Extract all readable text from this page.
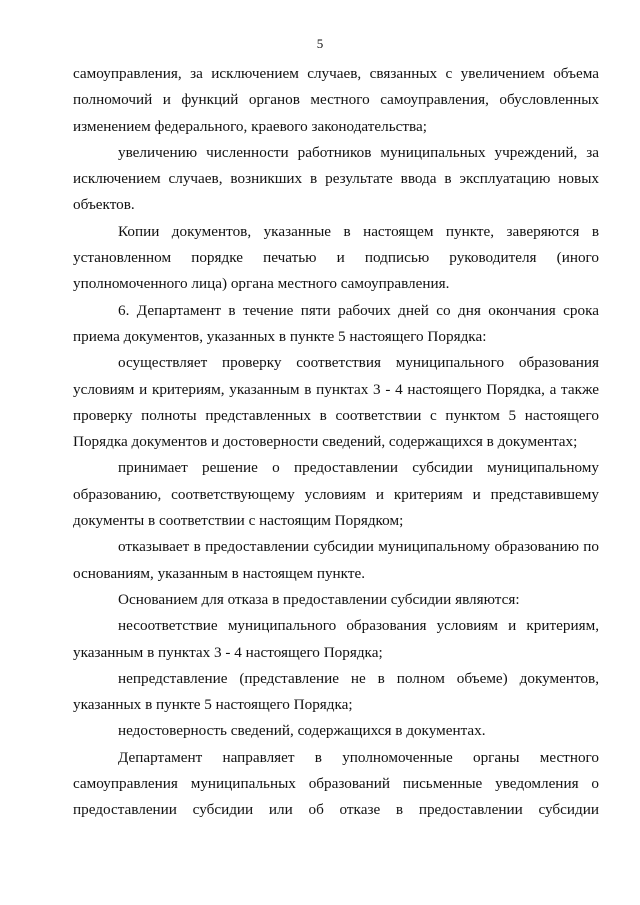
5
самоуправления, за исключением случаев, связанных с увеличением объема
полномочий и функций органов местного самоуправления, обусловленных
изменением федерального, краевого законодательства;
увеличению численности работников муниципальных учреждений, за
исключением случаев, возникших в результате ввода в эксплуатацию новых
объектов.
Копии документов, указанные в настоящем пункте, заверяются в
установленном порядке печатью и подписью руководителя (иного
уполномоченного лица) органа местного самоуправления.
6. Департамент в течение пяти рабочих дней со дня окончания срока
приема документов, указанных в пункте 5 настоящего Порядка:
осуществляет проверку соответствия муниципального образования
условиям и критериям, указанным в пунктах 3 - 4 настоящего Порядка, а также
проверку полноты представленных в соответствии с пунктом 5 настоящего
Порядка документов и достоверности сведений, содержащихся в документах;
принимает решение о предоставлении субсидии муниципальному
образованию, соответствующему условиям и критериям и представившему
документы в соответствии с настоящим Порядком;
отказывает в предоставлении субсидии муниципальному образованию по
основаниям, указанным в настоящем пункте.
Основанием для отказа в предоставлении субсидии являются:
несоответствие муниципального образования условиям и критериям,
указанным в пунктах 3 - 4 настоящего Порядка;
непредставление (представление не в полном объеме) документов,
указанных в пункте 5 настоящего Порядка;
недостоверность сведений, содержащихся в документах.
Департамент направляет в уполномоченные органы местного
самоуправления муниципальных образований письменные уведомления о
предоставлении субсидии или об отказе в предоставлении субсидии
